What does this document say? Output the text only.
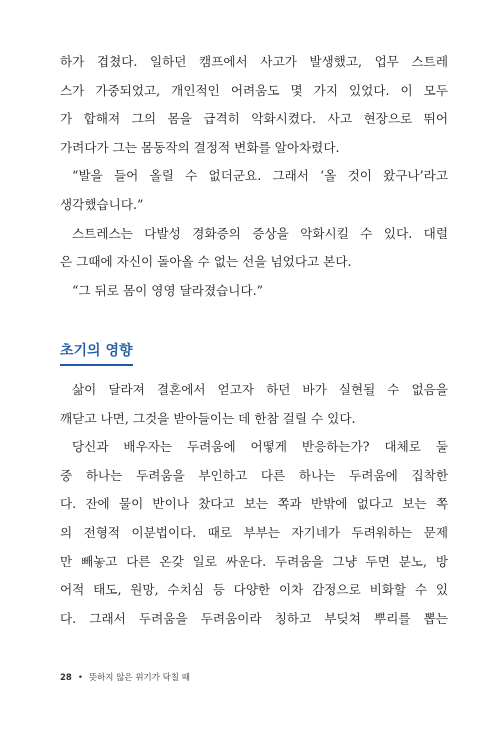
하가 겹쳤다. 일하던 캠프에서 사고가 발생했고, 업무 스트레
스가 가중되었고, 개인적인 어려움도 몇 가지 있었다. 이 모두
가 합해져 그의 몸을 급격히 악화시켰다. 사고 현장으로 뛰어
가려다가 그는 몸동작의 결정적 변화를 알아차렸다.
“발을 들어 올릴 수 없더군요. 그래서 ‘올 것이 왔구나’라고
생각했습니다.”
스트레스는 다발성 경화증의 증상을 악화시킬 수 있다. 대럴
은 그때에 자신이 돌아올 수 없는 선을 넘었다고 본다.
“그 뒤로 몸이 영영 달라졌습니다.”
초기의 영향
삶이 달라져 결혼에서 얻고자 하던 바가 실현될 수 없음을
깨닫고 나면, 그것을 받아들이는 데 한참 걸릴 수 있다.
당신과 배우자는 두려움에 어떻게 반응하는가? 대체로 둘
중 하나는 두려움을 부인하고 다른 하나는 두려움에 집착한
다. 잔에 물이 반이나 찼다고 보는 쪽과 반밖에 없다고 보는 쪽
의 전형적 이분법이다. 때로 부부는 자기네가 두려워하는 문제
만 빼놓고 다른 온갖 일로 싸운다. 두려움을 그냥 두면 분노, 방
어적 태도, 원망, 수치심 등 다양한 이차 감정으로 비화할 수 있
다. 그래서 두려움을 두려움이라 칭하고 부딪쳐 뿌리를 뽑는
28 • 뜻하지 않은 위기가 닥칠 때
